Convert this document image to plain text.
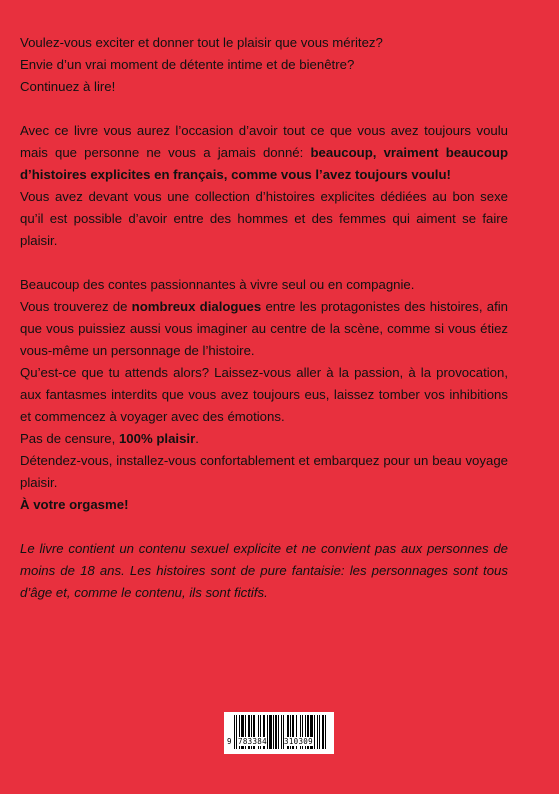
Voulez-vous exciter et donner tout le plaisir que vous méritez?

Envie d’un vrai moment de détente intime et de bienêtre?

Continuez à lire!

Avec ce livre vous aurez l’occasion d’avoir tout ce que vous avez toujours voulu mais que personne ne vous a jamais donné: beaucoup, vraiment beaucoup d’histoires explicites en français, comme vous l’avez toujours voulu!

Vous avez devant vous une collection d’histoires explicites dédiées au bon sexe qu’il est possible d’avoir entre des hommes et des femmes qui aiment se faire plaisir.

Beaucoup des contes passionnantes à vivre seul ou en compagnie.

Vous trouverez de nombreux dialogues entre les protagonistes des histoires, afin que vous puissiez aussi vous imaginer au centre de la scène, comme si vous étiez vous-même un personnage de l’histoire.

Qu’est-ce que tu attends alors? Laissez-vous aller à la passion, à la provocation, aux fantasmes interdits que vous avez toujours eus, laissez tomber vos inhibitions et commencez à voyager avec des émotions.

Pas de censure, 100% plaisir.

Détendez-vous, installez-vous confortablement et embarquez pour un beau voyage plaisir.

À votre orgasme!

Le livre contient un contenu sexuel explicite et ne convient pas aux personnes de moins de 18 ans. Les histoires sont de pure fantaisie: les personnages sont tous d’âge et, comme le contenu, ils sont fictifs.

9 783384 310309
